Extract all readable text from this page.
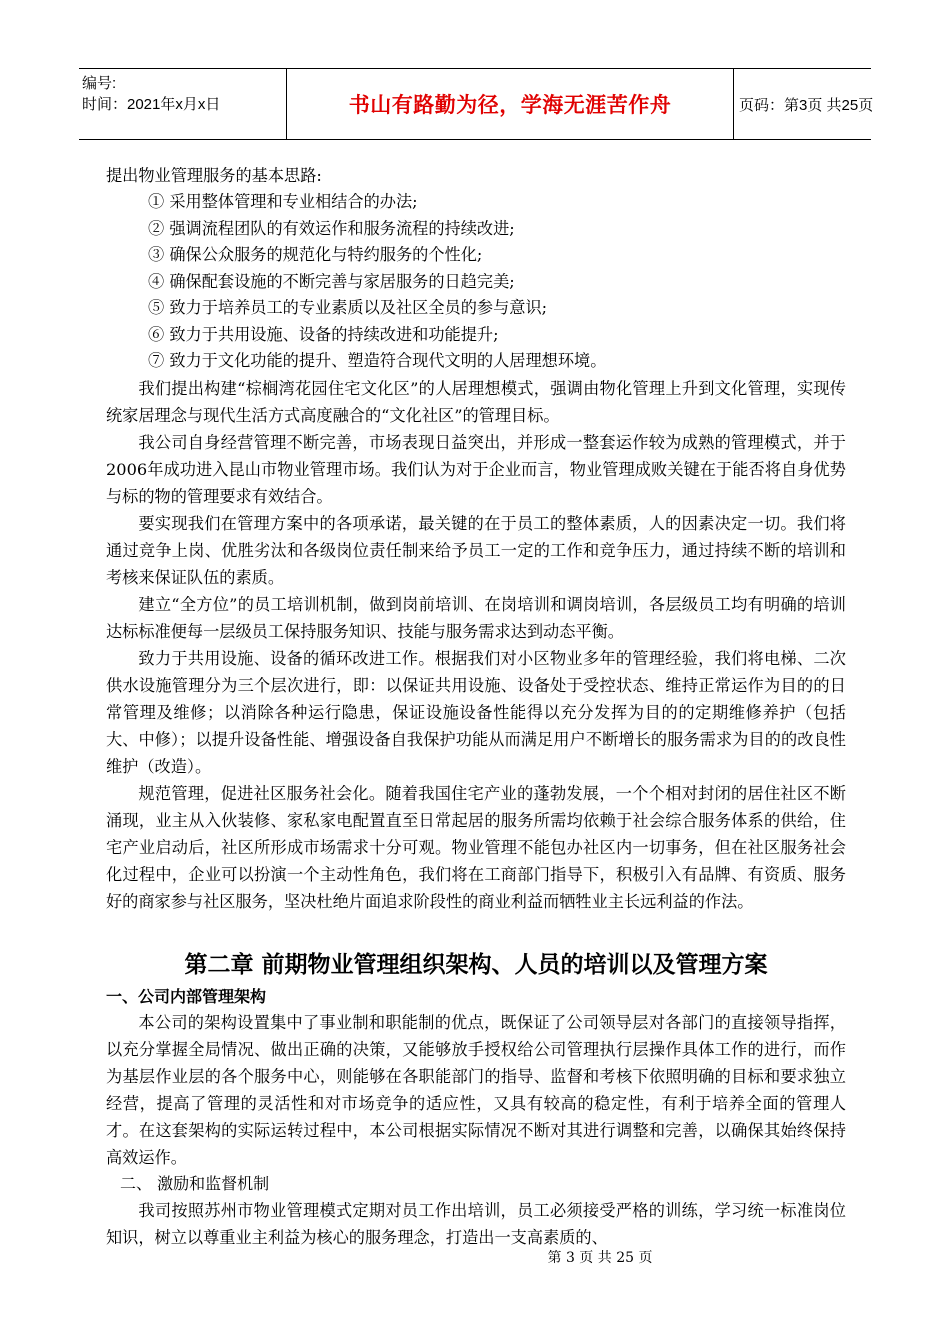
编号:
时间：2021年x月x日	书山有路勤为径，学海无涯苦作舟	页码：第3页 共25页

提出物业管理服务的基本思路:

① 采用整体管理和专业相结合的办法;

② 强调流程团队的有效运作和服务流程的持续改进;

③ 确保公众服务的规范化与特约服务的个性化;

④ 确保配套设施的不断完善与家居服务的日趋完美;

⑤ 致力于培养员工的专业素质以及社区全员的参与意识;

⑥ 致力于共用设施、设备的持续改进和功能提升;

⑦ 致力于文化功能的提升、塑造符合现代文明的人居理想环境。

我们提出构建“棕榈湾花园住宅文化区”的人居理想模式，强调由物化管理上升到文化管理，实现传统家居理念与现代生活方式高度融合的“文化社区”的管理目标。

我公司自身经营管理不断完善，市场表现日益突出，并形成一整套运作较为成熟的管理模式，并于2006年成功进入昆山市物业管理市场。我们认为对于企业而言，物业管理成败关键在于能否将自身优势与标的物的管理要求有效结合。

要实现我们在管理方案中的各项承诺，最关键的在于员工的整体素质，人的因素决定一切。我们将通过竞争上岗、优胜劣汰和各级岗位责任制来给予员工一定的工作和竞争压力，通过持续不断的培训和考核来保证队伍的素质。

建立“全方位”的员工培训机制，做到岗前培训、在岗培训和调岗培训，各层级员工均有明确的培训达标标准便每一层级员工保持服务知识、技能与服务需求达到动态平衡。

致力于共用设施、设备的循环改进工作。根据我们对小区物业多年的管理经验，我们将电梯、二次供水设施管理分为三个层次进行，即：以保证共用设施、设备处于受控状态、维持正常运作为目的的日常管理及维修；以消除各种运行隐患，保证设施设备性能得以充分发挥为目的的定期维修养护（包括大、中修）；以提升设备性能、增强设备自我保护功能从而满足用户不断增长的服务需求为目的的改良性维护（改造）。

规范管理，促进社区服务社会化。随着我国住宅产业的蓬勃发展，一个个相对封闭的居住社区不断涌现，业主从入伙装修、家私家电配置直至日常起居的服务所需均依赖于社会综合服务体系的供给，住宅产业启动后，社区所形成市场需求十分可观。物业管理不能包办社区内一切事务，但在社区服务社会化过程中，企业可以扮演一个主动性角色，我们将在工商部门指导下，积极引入有品牌、有资质、服务好的商家参与社区服务，坚决杜绝片面追求阶段性的商业利益而牺牲业主长远利益的作法。

第二章 前期物业管理组织架构、人员的培训以及管理方案

一、公司内部管理架构

本公司的架构设置集中了事业制和职能制的优点，既保证了公司领导层对各部门的直接领导指挥，以充分掌握全局情况、做出正确的决策，又能够放手授权给公司管理执行层操作具体工作的进行，而作为基层作业层的各个服务中心，则能够在各职能部门的指导、监督和考核下依照明确的目标和要求独立经营，提高了管理的灵活性和对市场竞争的适应性，又具有较高的稳定性，有利于培养全面的管理人才。在这套架构的实际运转过程中，本公司根据实际情况不断对其进行调整和完善，以确保其始终保持高效运作。

二、 激励和监督机制

我司按照苏州市物业管理模式定期对员工作出培训，员工必须接受严格的训练，学习统一标准岗位知识，树立以尊重业主利益为核心的服务理念，打造出一支高素质的、

第 3 页 共 25 页
